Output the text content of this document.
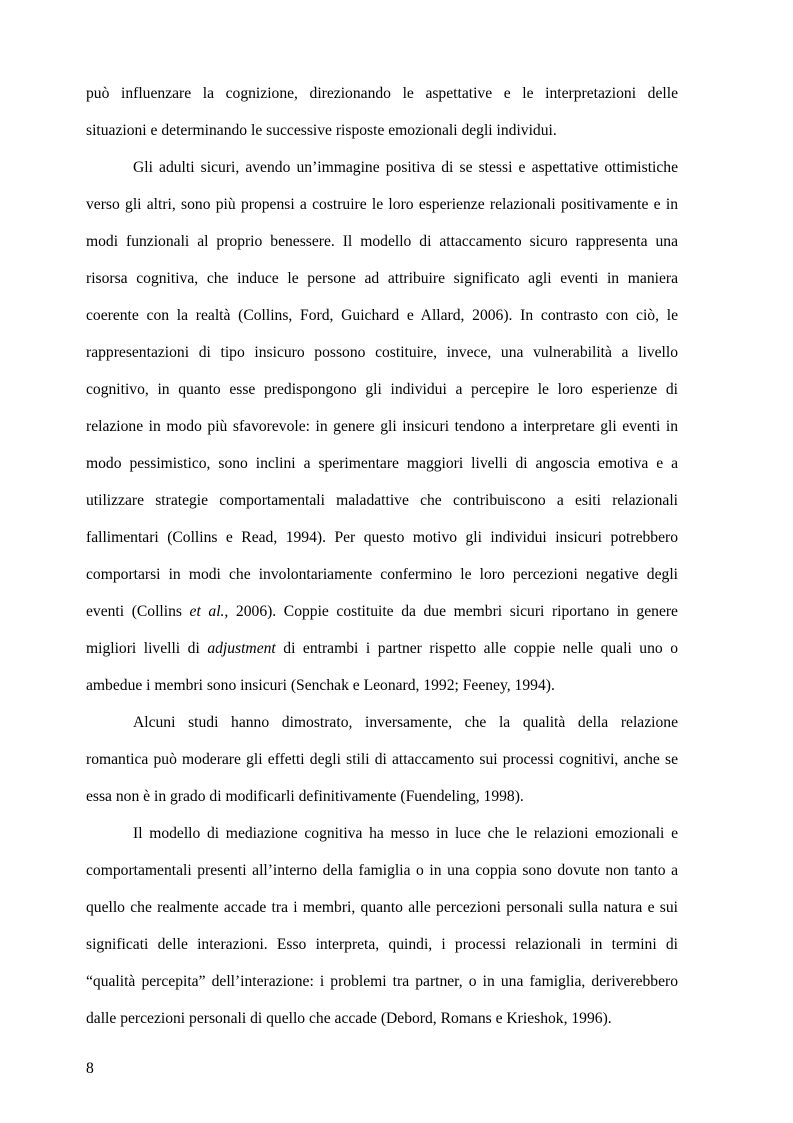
può influenzare la cognizione, direzionando le aspettative e le interpretazioni delle
situazioni e determinando le successive risposte emozionali degli individui.
Gli adulti sicuri, avendo un’immagine positiva di se stessi e aspettative ottimistiche
verso gli altri, sono più propensi a costruire le loro esperienze relazionali positivamente e in
modi funzionali al proprio benessere. Il modello di attaccamento sicuro rappresenta una
risorsa cognitiva, che induce le persone ad attribuire significato agli eventi in maniera
coerente con la realtà (Collins, Ford, Guichard e Allard, 2006). In contrasto con ciò, le
rappresentazioni di tipo insicuro possono costituire, invece, una vulnerabilità a livello
cognitivo, in quanto esse predispongono gli individui a percepire le loro esperienze di
relazione in modo più sfavorevole: in genere gli insicuri tendono a interpretare gli eventi in
modo pessimistico, sono inclini a sperimentare maggiori livelli di angoscia emotiva e a
utilizzare strategie comportamentali maladattive che contribuiscono a esiti relazionali
fallimentari (Collins e Read, 1994). Per questo motivo gli individui insicuri potrebbero
comportarsi in modi che involontariamente confermino le loro percezioni negative degli
eventi (Collins et al., 2006). Coppie costituite da due membri sicuri riportano in genere
migliori livelli di adjustment di entrambi i partner rispetto alle coppie nelle quali uno o
ambedue i membri sono insicuri (Senchak e Leonard, 1992; Feeney, 1994).
Alcuni studi hanno dimostrato, inversamente, che la qualità della relazione
romantica può moderare gli effetti degli stili di attaccamento sui processi cognitivi, anche se
essa non è in grado di modificarli definitivamente (Fuendeling, 1998).
Il modello di mediazione cognitiva ha messo in luce che le relazioni emozionali e
comportamentali presenti all’interno della famiglia o in una coppia sono dovute non tanto a
quello che realmente accade tra i membri, quanto alle percezioni personali sulla natura e sui
significati delle interazioni. Esso interpreta, quindi, i processi relazionali in termini di
“qualità percepita” dell’interazione: i problemi tra partner, o in una famiglia, deriverebbero
dalle percezioni personali di quello che accade (Debord, Romans e Krieshok, 1996).
8
